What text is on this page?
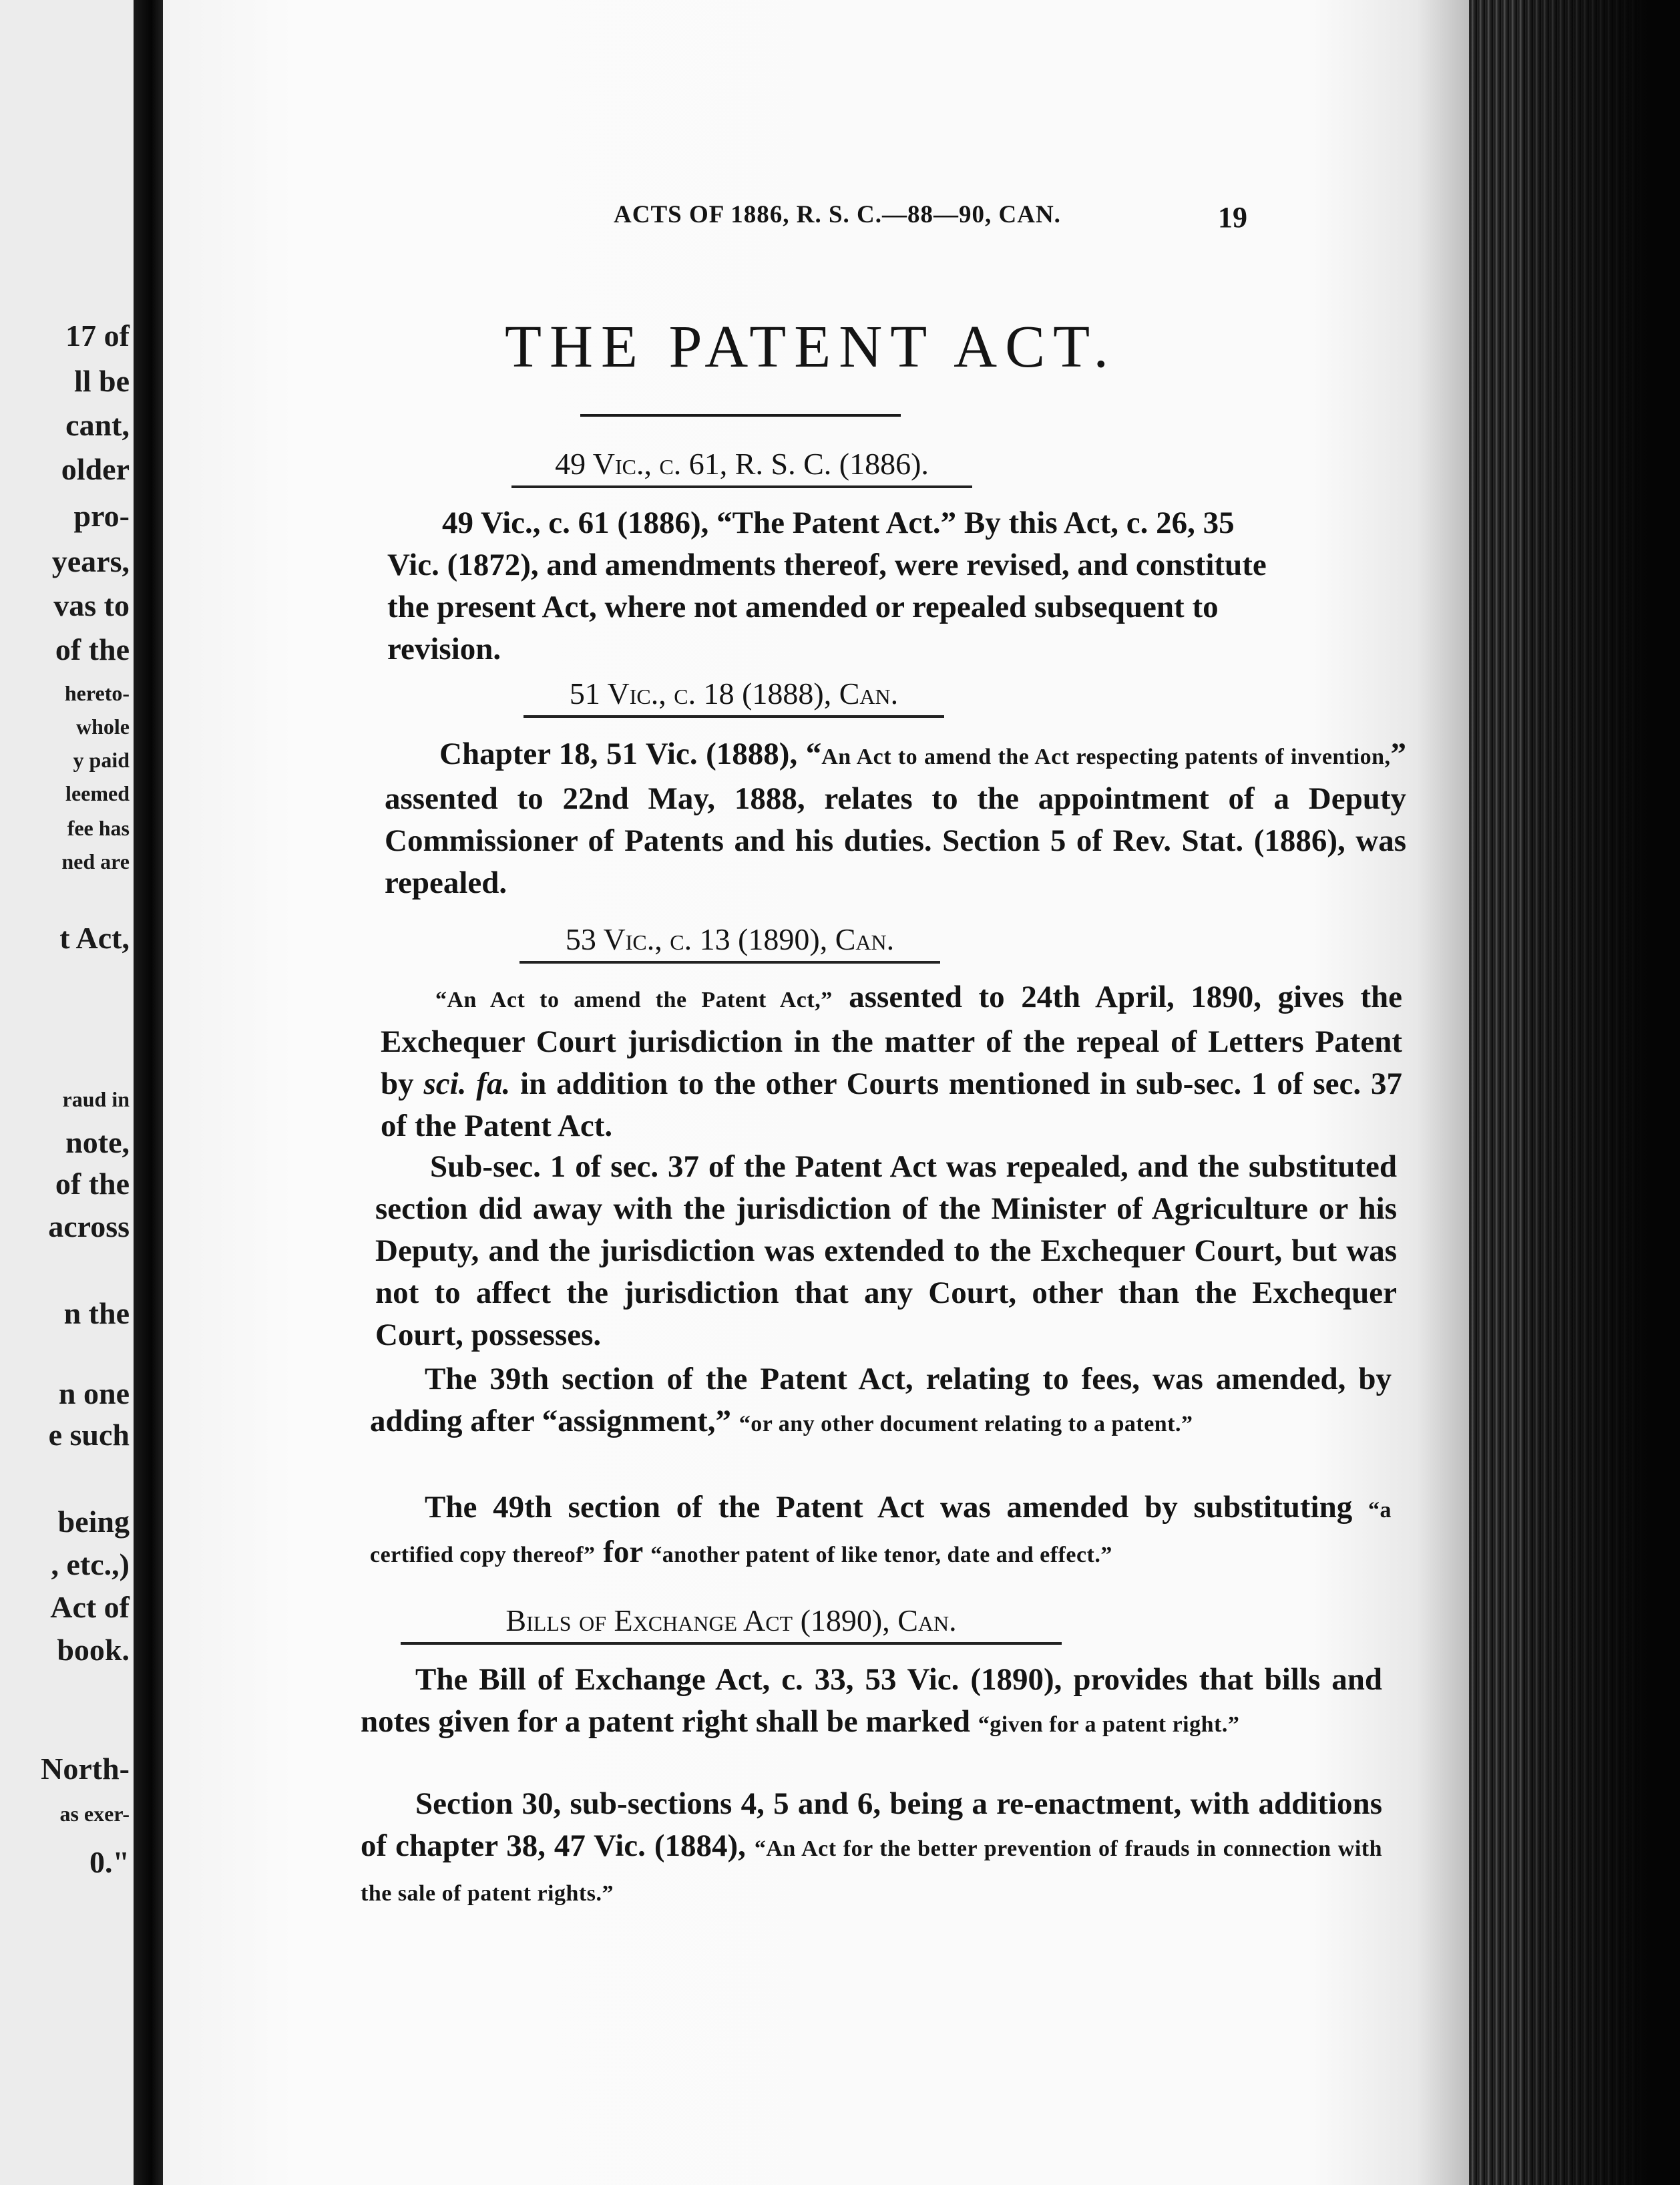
17 of
ll be
cant,
older
pro-
years,
vas to
of the
hereto-
whole
y paid
leemed
fee has
ned are
t Act,
raud in
note,
of the
across
n the
n one
e such
being
, etc.,)
Act of
book.
North-
as exer-
0."
ACTS OF 1886, R. S. C.—88—90, CAN.	19
THE PATENT ACT.
49 Vic., c. 61, R. S. C. (1886).
49 Vic., c. 61 (1886), “The Patent Act.” By this Act, c. 26, 35
Vic. (1872), and amendments thereof, were revised, and constitute
the present Act, where not amended or repealed subsequent to
revision.
51 Vic., c. 18 (1888), Can.
Chapter 18, 51 Vic. (1888), “An Act to amend the Act respecting patents of invention,” assented to 22nd May, 1888, relates to the appointment of a Deputy Commissioner of Patents and his duties. Section 5 of Rev. Stat. (1886), was repealed.
53 Vic., c. 13 (1890), Can.
“An Act to amend the Patent Act,” assented to 24th April, 1890, gives the Exchequer Court jurisdiction in the matter of the repeal of Letters Patent by sci. fa. in addition to the other Courts mentioned in sub-sec. 1 of sec. 37 of the Patent Act.
Sub-sec. 1 of sec. 37 of the Patent Act was repealed, and the substituted section did away with the jurisdiction of the Minister of Agriculture or his Deputy, and the jurisdiction was extended to the Exchequer Court, but was not to affect the jurisdiction that any Court, other than the Exchequer Court, possesses.
The 39th section of the Patent Act, relating to fees, was amended, by adding after “assignment,” “or any other document relating to a patent.”
The 49th section of the Patent Act was amended by substituting “a certified copy thereof” for “another patent of like tenor, date and effect.”
Bills of Exchange Act (1890), Can.
The Bill of Exchange Act, c. 33, 53 Vic. (1890), provides that bills and notes given for a patent right shall be marked “given for a patent right.”
Section 30, sub-sections 4, 5 and 6, being a re-enactment, with additions of chapter 38, 47 Vic. (1884), “An Act for the better prevention of frauds in connection with the sale of patent rights.”
